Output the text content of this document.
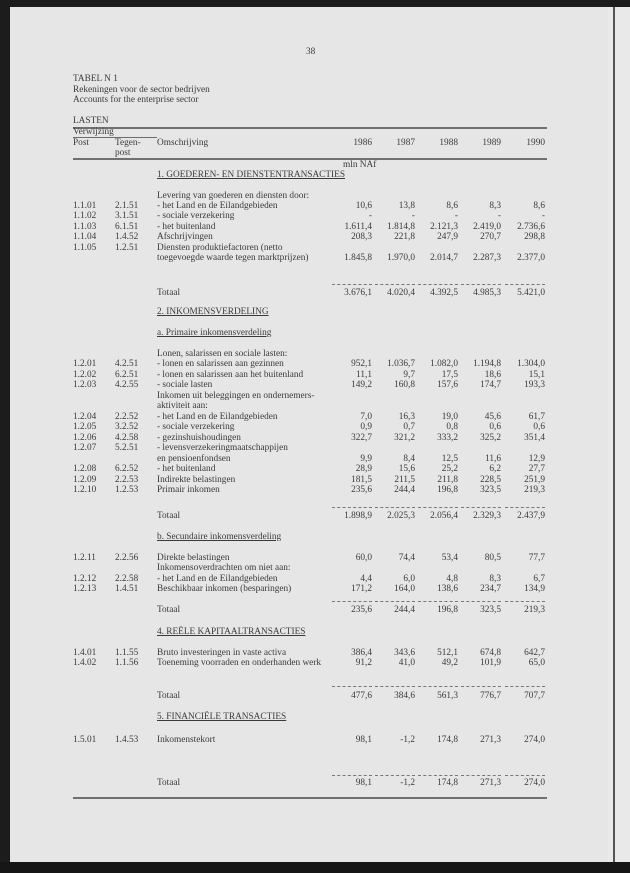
38
TABEL N 1
Rekeningen voor de sector bedrijven
Accounts for the enterprise sector
LASTEN
Verwijzing
Post	Tegen-
post
Omschrijving	1986	1987	1988	1989	1990
mln NAf
1. GOEDEREN- EN DIENSTENTRANSACTIES
Levering van goederen en diensten door:
1.1.01 2.1.51 - het Land en de Eilandgebieden	10,6	13,8	8,6	8,3	8,6
1.1.02 3.1.51 - sociale verzekering	-	-	-	-	-
1.1.03 6.1.51 - het buitenland	1.611,4	1.814,8	2.121,3	2.419,0	2.736,6
1.1.04 1.4.52 Afschrijvingen	208,3	221,8	247,9	270,7	298,8
1.1.05 1.2.51 Diensten produktiefactoren (netto
toegevoegde waarde tegen marktprijzen)	1.845,8	1.970,0	2.014,7	2.287,3	2.377,0
Totaal	3.676,1	4.020,4	4.392,5	4.985,3	5.421,0
2. INKOMENSVERDELING
a. Primaire inkomensverdeling
Lonen, salarissen en sociale lasten:
1.2.01 4.2.51 - lonen en salarissen aan gezinnen	952,1	1.036,7	1.082,0	1.194,8	1.304,0
1.2.02 6.2.51 - lonen en salarissen aan het buitenland	11,1	9,7	17,5	18,6	15,1
1.2.03 4.2.55 - sociale lasten	149,2	160,8	157,6	174,7	193,3
Inkomen uit beleggingen en ondernemers-
aktiviteit aan:
1.2.04 2.2.52 - het Land en de Eilandgebieden	7,0	16,3	19,0	45,6	61,7
1.2.05 3.2.52 - sociale verzekering	0,9	0,7	0,8	0,6	0,6
1.2.06 4.2.58 - gezinshuishoudingen	322,7	321,2	333,2	325,2	351,4
1.2.07 5.2.51 - levensverzekeringmaatschappijen
en pensioenfondsen	9,9	8,4	12,5	11,6	12,9
1.2.08 6.2.52 - het buitenland	28,9	15,6	25,2	6,2	27,7
1.2.09 2.2.53 Indirekte belastingen	181,5	211,5	211,8	228,5	251,9
1.2.10 1.2.53 Primair inkomen	235,6	244,4	196,8	323,5	219,3
Totaal	1.898,9	2.025,3	2.056,4	2.329,3	2.437,9
b. Secundaire inkomensverdeling
1.2.11 2.2.56 Direkte belastingen	60,0	74,4	53,4	80,5	77,7
Inkomensoverdrachten om niet aan:
1.2.12 2.2.58 - het Land en de Eilandgebieden	4,4	6,0	4,8	8,3	6,7
1.2.13 1.4.51 Beschikbaar inkomen (besparingen)	171,2	164,0	138,6	234,7	134,9
Totaal	235,6	244,4	196,8	323,5	219,3
4. REËLE KAPITAALTRANSACTIES
1.4.01 1.1.55 Bruto investeringen in vaste activa	386,4	343,6	512,1	674,8	642,7
1.4.02 1.1.56 Toeneming voorraden en onderhanden werk	91,2	41,0	49,2	101,9	65,0
Totaal	477,6	384,6	561,3	776,7	707,7
5. FINANCIËLE TRANSACTIES
1.5.01 1.4.53 Inkomenstekort	98,1	-1,2	174,8	271,3	274,0
Totaal	98,1	-1,2	174,8	271,3	274,0
